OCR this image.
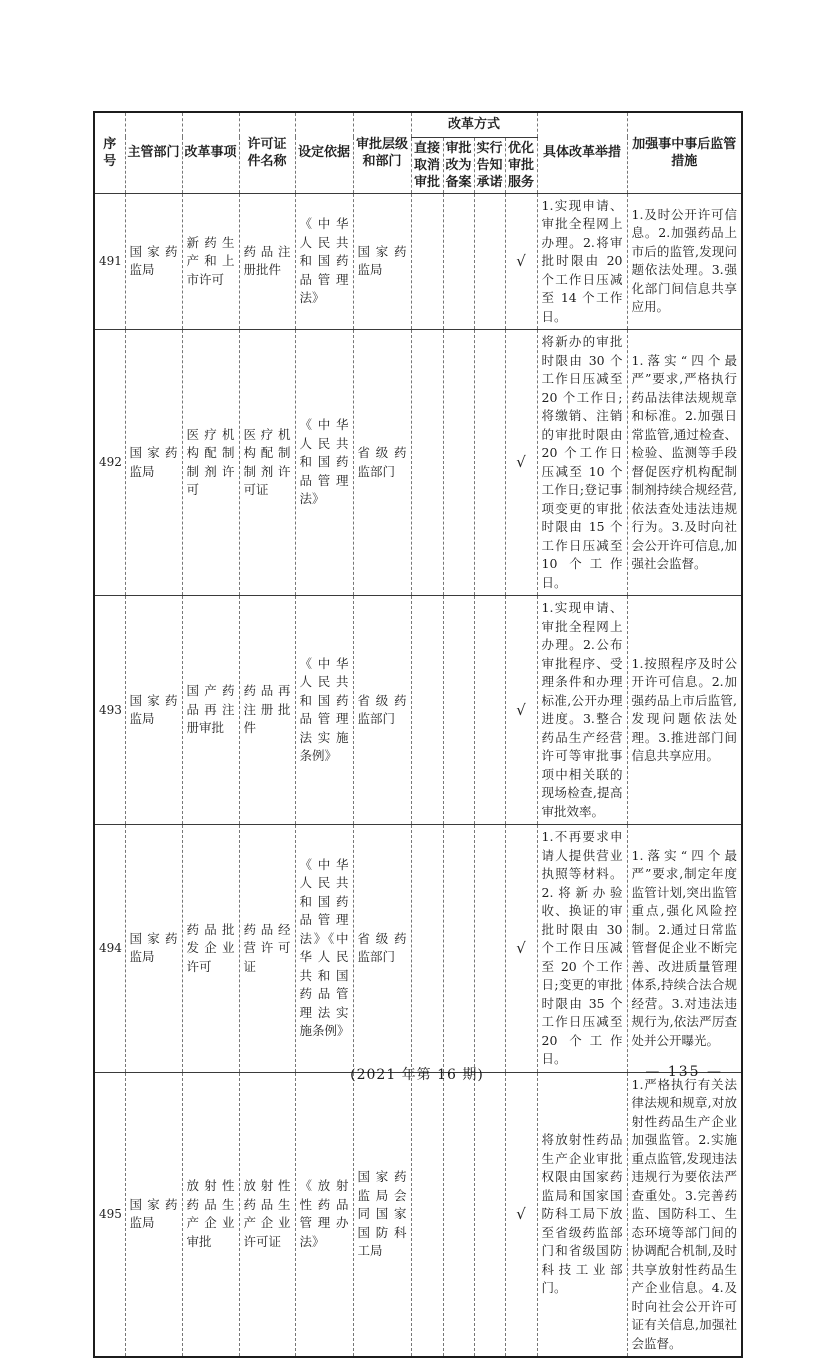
序号	主管部门	改革事项	许可证件名称	设定依据	审批层级和部门	改革方式				具体改革举措	加强事中事后监管措施
						直接取消审批	审批改为备案	实行告知承诺	优化审批服务		
491	国家药监局	新药生产和上市许可	药品注册批件	《中华人民共和国药品管理法》	国家药监局				√	1.实现申请、审批全程网上办理。2.将审批时限由 20 个工作日压减至 14 个工作日。	1.及时公开许可信息。2.加强药品上市后的监管,发现问题依法处理。3.强化部门间信息共享应用。
492	国家药监局	医疗机构配制制剂许可	医疗机构配制制剂许可证	《中华人民共和国药品管理法》	省级药监部门				√	将新办的审批时限由 30 个工作日压减至 20 个工作日;将缴销、注销的审批时限由 20 个工作日压减至 10 个工作日;登记事项变更的审批时限由 15 个工作日压减至 10 个工作日。	1.落实“四个最严”要求,严格执行药品法律法规规章和标准。2.加强日常监管,通过检查、检验、监测等手段督促医疗机构配制制剂持续合规经营,依法查处违法违规行为。3.及时向社会公开许可信息,加强社会监督。
493	国家药监局	国产药品再注册审批	药品再注册批件	《中华人民共和国药品管理法实施条例》	省级药监部门				√	1.实现申请、审批全程网上办理。2.公布审批程序、受理条件和办理标准,公开办理进度。3.整合药品生产经营许可等审批事项中相关联的现场检查,提高审批效率。	1.按照程序及时公开许可信息。2.加强药品上市后监管,发现问题依法处理。3.推进部门间信息共享应用。
494	国家药监局	药品批发企业许可	药品经营许可证	《中华人民共和国药品管理法》《中华人民共和国药品管理法实施条例》	省级药监部门				√	1.不再要求申请人提供营业执照等材料。2.将新办验收、换证的审批时限由 30 个工作日压减至 20 个工作日;变更的审批时限由 35 个工作日压减至 20 个工作日。	1.落实“四个最严”要求,制定年度监管计划,突出监管重点,强化风险控制。2.通过日常监管督促企业不断完善、改进质量管理体系,持续合法合规经营。3.对违法违规行为,依法严厉查处并公开曝光。
495	国家药监局	放射性药品生产企业审批	放射性药品生产企业许可证	《放射性药品管理办法》	国家药监局会同国家国防科工局				√	将放射性药品生产企业审批权限由国家药监局和国家国防科工局下放至省级药监部门和省级国防科技工业部门。	1.严格执行有关法律法规和规章,对放射性药品生产企业加强监管。2.实施重点监管,发现违法违规行为要依法严查重处。3.完善药监、国防科工、生态环境等部门间的协调配合机制,及时共享放射性药品生产企业信息。4.及时向社会公开许可证有关信息,加强社会监督。
(2021 年第 16 期)	— 135 —
